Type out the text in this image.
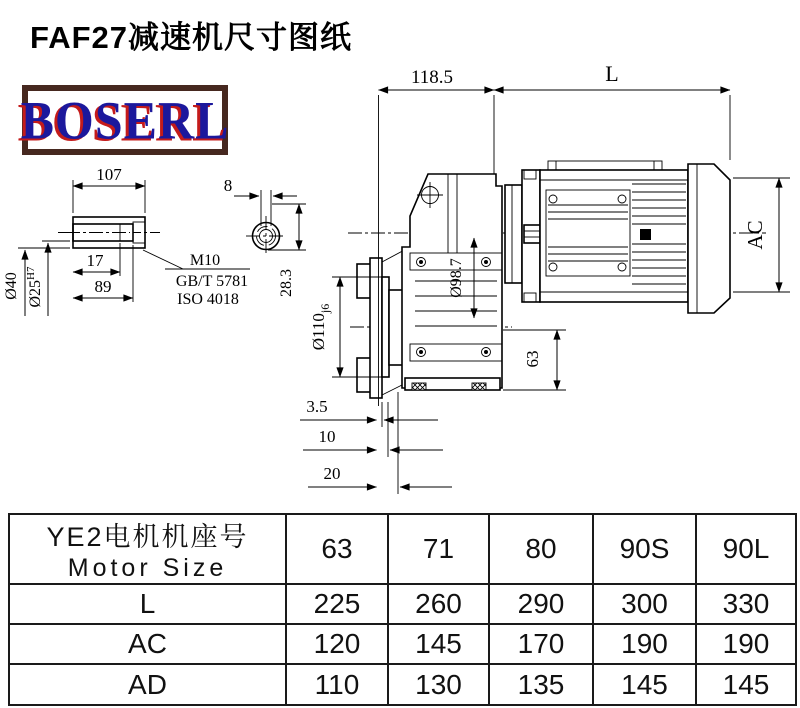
FAF27减速机尺寸图纸
BOSERL
107
17
89
Ø40 $Ø25^{H7}$
M10
GB/T 5781
ISO 4018
8
28.3
118.5	L
Ø98.7
$Ø110_{j6}$
63
3.5
10
20
AC
YE2电机机座号
Motor Size	63	71	80	90S	90L
L	225	260	290	300	330
AC	120	145	170	190	190
AD	110	130	135	145	145
